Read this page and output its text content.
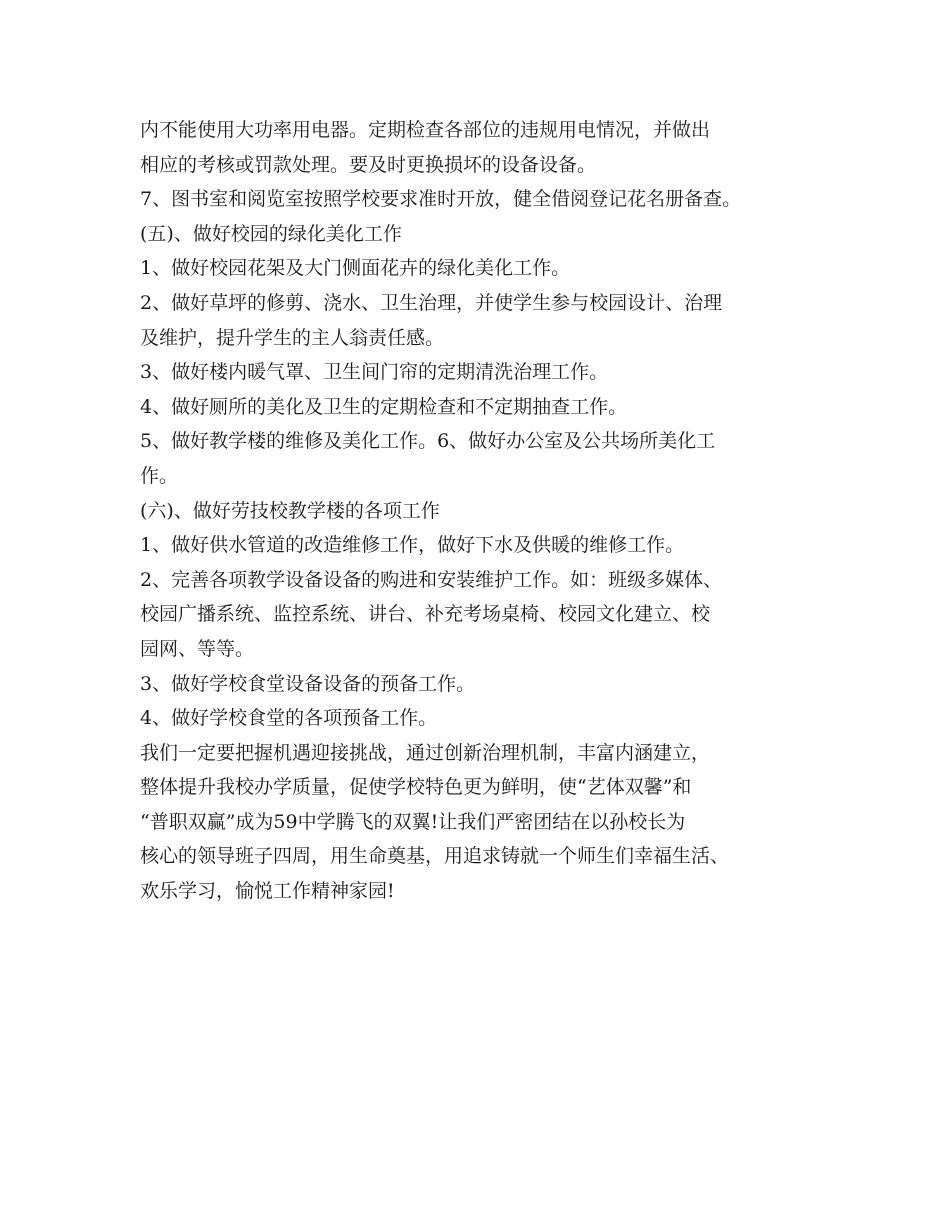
内不能使用大功率用电器。定期检查各部位的违规用电情况，并做出
相应的考核或罚款处理。要及时更换损坏的设备设备。

7、图书室和阅览室按照学校要求准时开放，健全借阅登记花名册备查。

(五)、做好校园的绿化美化工作

1、做好校园花架及大门侧面花卉的绿化美化工作。

2、做好草坪的修剪、浇水、卫生治理，并使学生参与校园设计、治理
及维护，提升学生的主人翁责任感。

3、做好楼内暖气罩、卫生间门帘的定期清洗治理工作。

4、做好厕所的美化及卫生的定期检查和不定期抽查工作。

5、做好教学楼的维修及美化工作。6、做好办公室及公共场所美化工
作。

(六)、做好劳技校教学楼的各项工作

1、做好供水管道的改造维修工作，做好下水及供暖的维修工作。

2、完善各项教学设备设备的购进和安装维护工作。如：班级多媒体、
校园广播系统、监控系统、讲台、补充考场桌椅、校园文化建立、校
园网、等等。

3、做好学校食堂设备设备的预备工作。

4、做好学校食堂的各项预备工作。

我们一定要把握机遇迎接挑战，通过创新治理机制，丰富内涵建立，
整体提升我校办学质量，促使学校特色更为鲜明，使“艺体双馨”和
“普职双赢”成为59中学腾飞的双翼!让我们严密团结在以孙校长为
核心的领导班子四周，用生命奠基，用追求铸就一个师生们幸福生活、
欢乐学习，愉悦工作精神家园!
